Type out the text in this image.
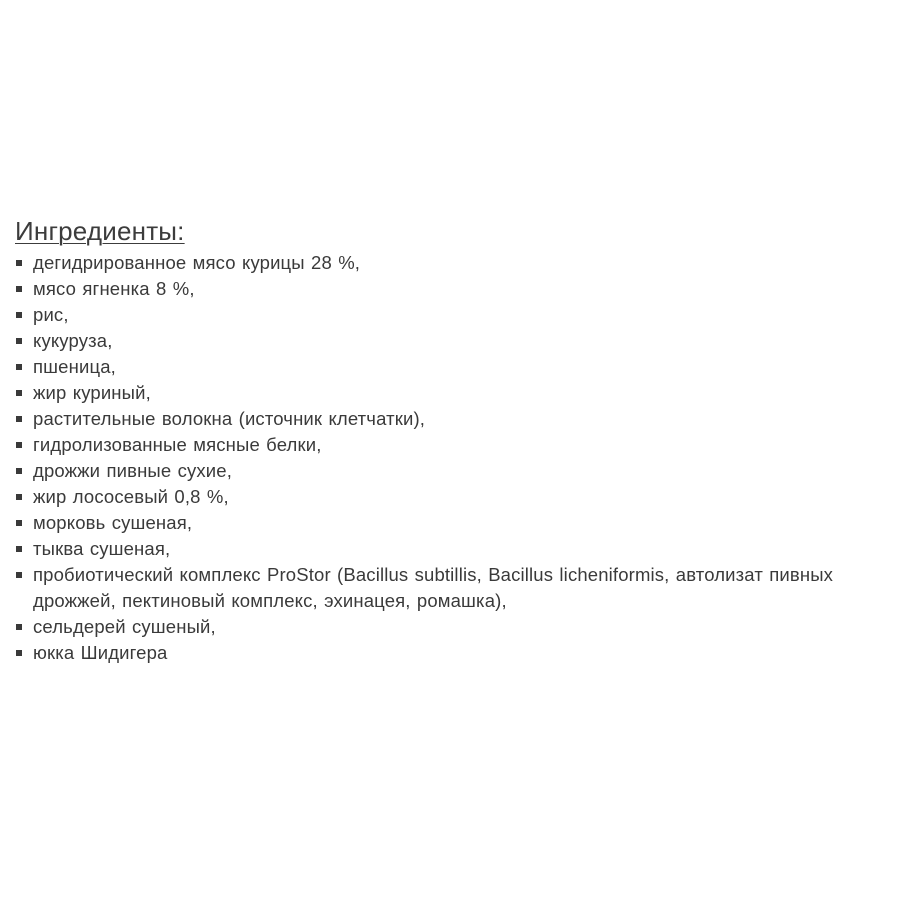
Ингредиенты:
дегидрированное мясо курицы 28 %,
мясо ягненка 8 %,
рис,
кукуруза,
пшеница,
жир куриный,
растительные волокна (источник клетчатки),
гидролизованные мясные белки,
дрожжи пивные сухие,
жир лососевый 0,8 %,
морковь сушеная,
тыква сушеная,
пробиотический комплекс ProStor (Bacillus subtillis, Bacillus licheniformis, автолизат пивных дрожжей, пектиновый комплекс, эхинацея, ромашка),
сельдерей сушеный,
юкка Шидигера
